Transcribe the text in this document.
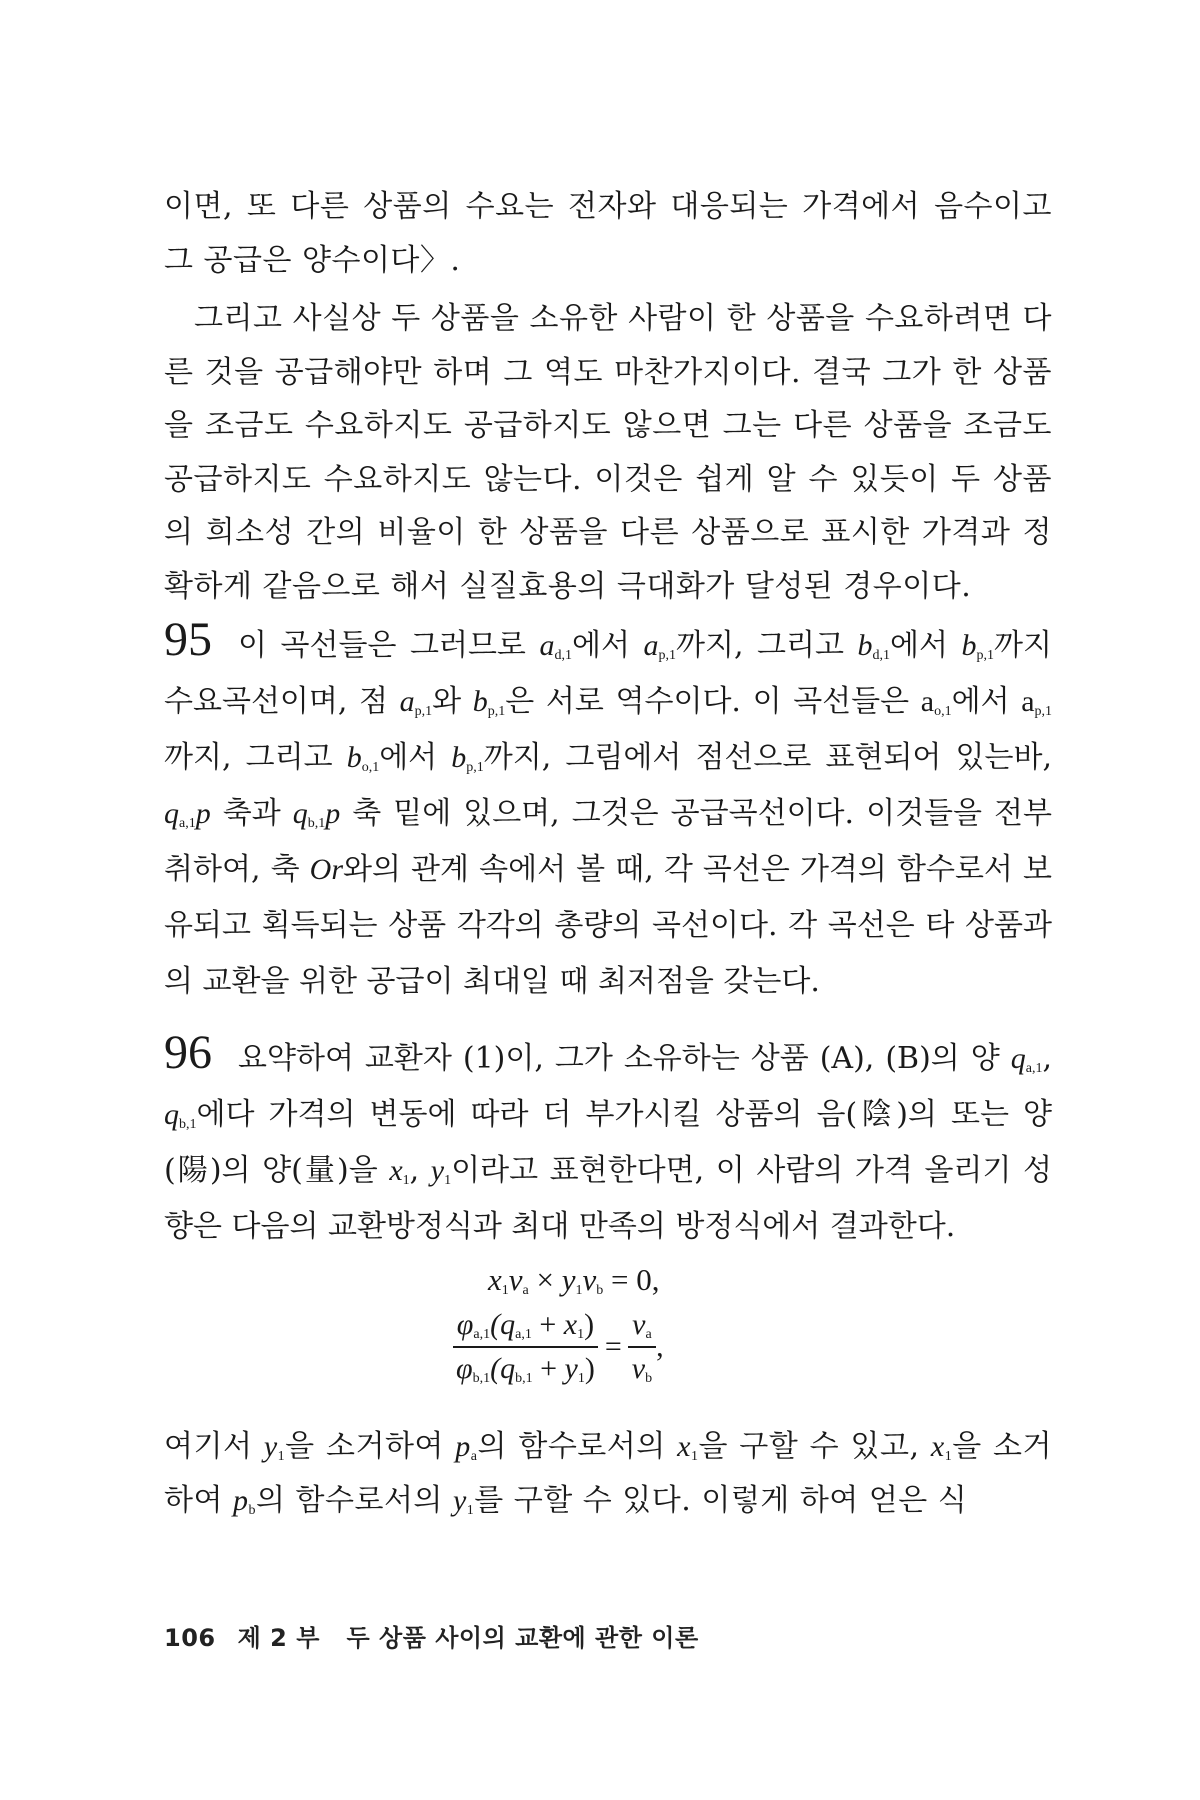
이면, 또 다른 상품의 수요는 전자와 대응되는 가격에서 음수이고 그 공급은 양수이다〉.
그리고 사실상 두 상품을 소유한 사람이 한 상품을 수요하려면 다른 것을 공급해야만 하며 그 역도 마찬가지이다. 결국 그가 한 상품을 조금도 수요하지도 공급하지도 않으면 그는 다른 상품을 조금도 공급하지도 수요하지도 않는다. 이것은 쉽게 알 수 있듯이 두 상품의 희소성 간의 비율이 한 상품을 다른 상품으로 표시한 가격과 정확하게 같음으로 해서 실질효용의 극대화가 달성된 경우이다.
95 이 곡선들은 그러므로 $a_{d,1}$에서 $a_{p,1}$까지, 그리고 $b_{d,1}$에서 $b_{p,1}$까지 수요곡선이며, 점 $a_{p,1}$와 $b_{p,1}$은 서로 역수이다. 이 곡선들은 $a_{o,1}$에서 $a_{p,1}$까지, 그리고 $b_{o,1}$에서 $b_{p,1}$까지, 그림에서 점선으로 표현되어 있는바, $q_{a,1}p$ 축과 $q_{b,1}p$ 축 밑에 있으며, 그것은 공급곡선이다. 이것들을 전부 취하여, 축 Or와의 관계 속에서 볼 때, 각 곡선은 가격의 함수로서 보유되고 획득되는 상품 각각의 총량의 곡선이다. 각 곡선은 타 상품과의 교환을 위한 공급이 최대일 때 최저점을 갖는다.
96 요약하여 교환자 (1)이, 그가 소유하는 상품 (A), (B)의 양 $q_{a,1}$, $q_{b,1}$에다 가격의 변동에 따라 더 부가시킬 상품의 음(陰)의 또는 양(陽)의 양(量)을 $x_1$, $y_1$이라고 표현한다면, 이 사람의 가격 올리기 성향은 다음의 교환방정식과 최대 만족의 방정식에서 결과한다.
$x_1v_a \times y_1v_b = 0$,
$\frac{\varphi_{a,1}(q_{a,1} + x_1)}{\varphi_{b,1}(q_{b,1} + y_1)} = \frac{v_a}{v_b}$ ,
여기서 $y_1$을 소거하여 $p_a$의 함수로서의 $x_1$을 구할 수 있고, $x_1$을 소거하여 $p_b$의 함수로서의 $y_1$를 구할 수 있다. 이렇게 하여 얻은 식
106 제 2 부 두 상품 사이의 교환에 관한 이론
